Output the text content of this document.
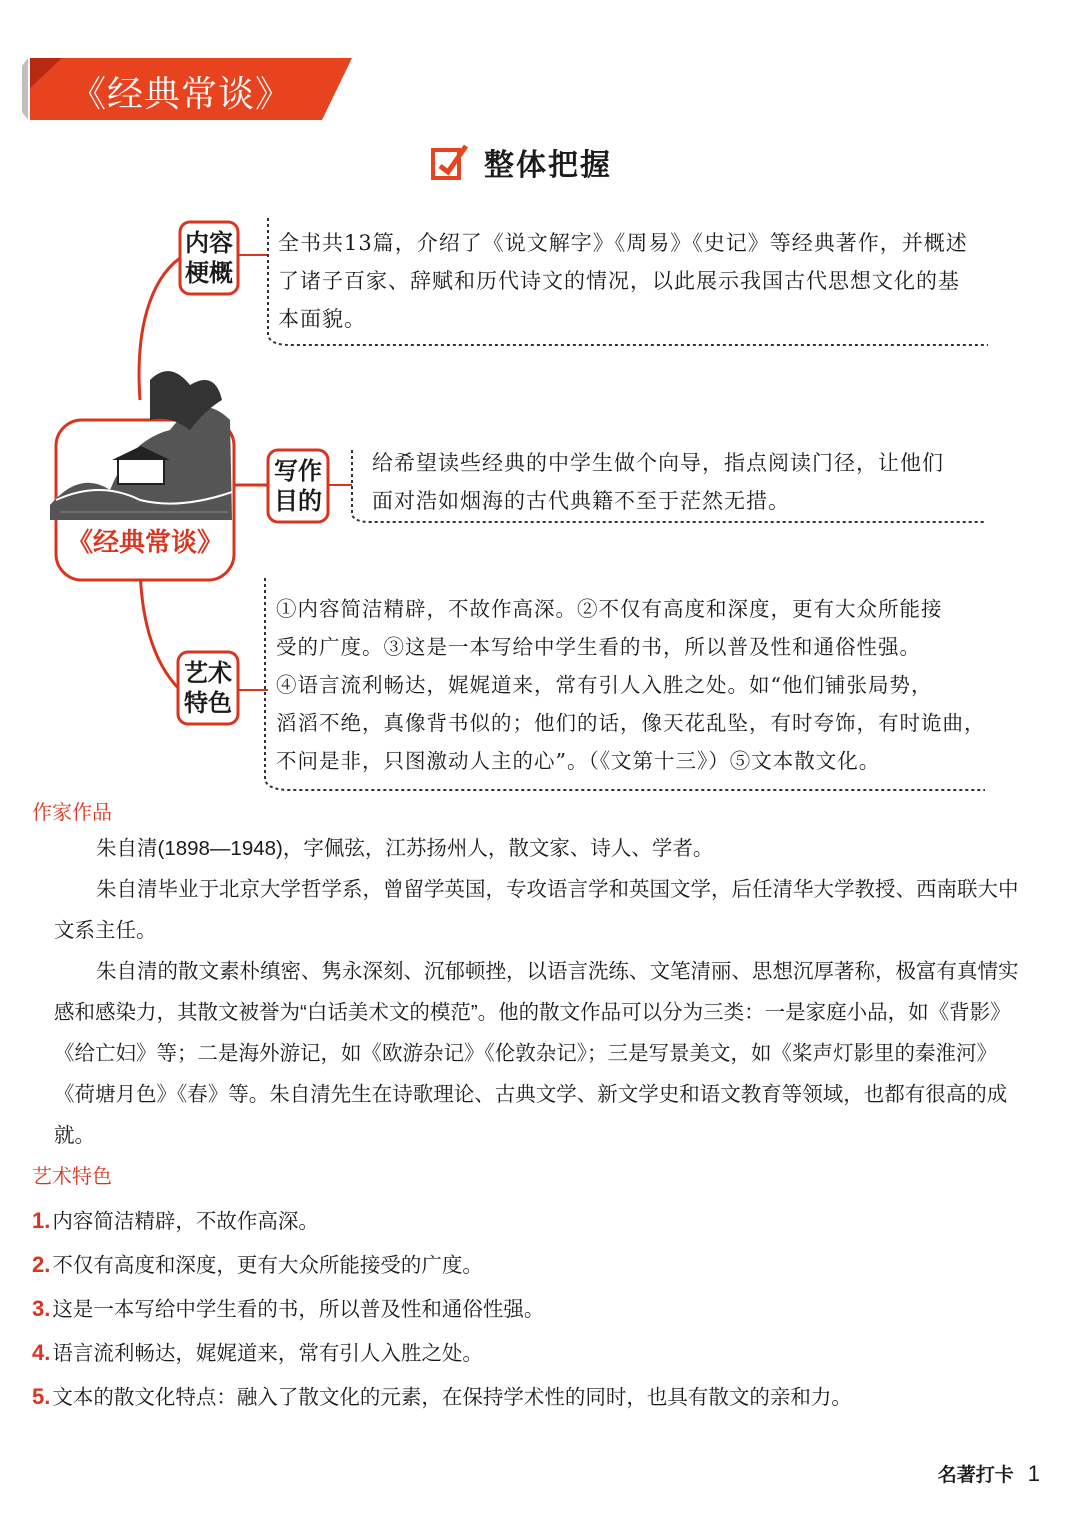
《经典常谈》
整体把握
内容
梗概
写作
目的
艺术
特色
《经典常谈》
全书共13篇，介绍了《说文解字》《周易》《史记》等经典著作，并概述
了诸子百家、辞赋和历代诗文的情况，以此展示我国古代思想文化的基
本面貌。
给希望读些经典的中学生做个向导，指点阅读门径，让他们
面对浩如烟海的古代典籍不至于茫然无措。
①内容简洁精辟，不故作高深。②不仅有高度和深度，更有大众所能接
受的广度。③这是一本写给中学生看的书，所以普及性和通俗性强。
④语言流利畅达，娓娓道来，常有引人入胜之处。如“他们铺张局势，
滔滔不绝，真像背书似的；他们的话，像天花乱坠，有时夸饰，有时诡曲，
不问是非，只图激动人主的心”。（《文第十三》）⑤文本散文化。
作家作品

朱自清(1898—1948)，字佩弦，江苏扬州人，散文家、诗人、学者。

朱自清毕业于北京大学哲学系，曾留学英国，专攻语言学和英国文学，后任清华大学教授、西南联大中文系主任。

朱自清的散文素朴缜密、隽永深刻、沉郁顿挫，以语言洗练、文笔清丽、思想沉厚著称，极富有真情实感和感染力，其散文被誉为“白话美术文的模范”。他的散文作品可以分为三类：一是家庭小品，如《背影》《给亡妇》等；二是海外游记，如《欧游杂记》《伦敦杂记》；三是写景美文，如《桨声灯影里的秦淮河》《荷塘月色》《春》等。朱自清先生在诗歌理论、古典文学、新文学史和语文教育等领域，也都有很高的成就。

艺术特色
1.内容简洁精辟，不故作高深。
2.不仅有高度和深度，更有大众所能接受的广度。
3.这是一本写给中学生看的书，所以普及性和通俗性强。
4.语言流利畅达，娓娓道来，常有引人入胜之处。
5.文本的散文化特点：融入了散文化的元素，在保持学术性的同时，也具有散文的亲和力。
名著打卡 1
